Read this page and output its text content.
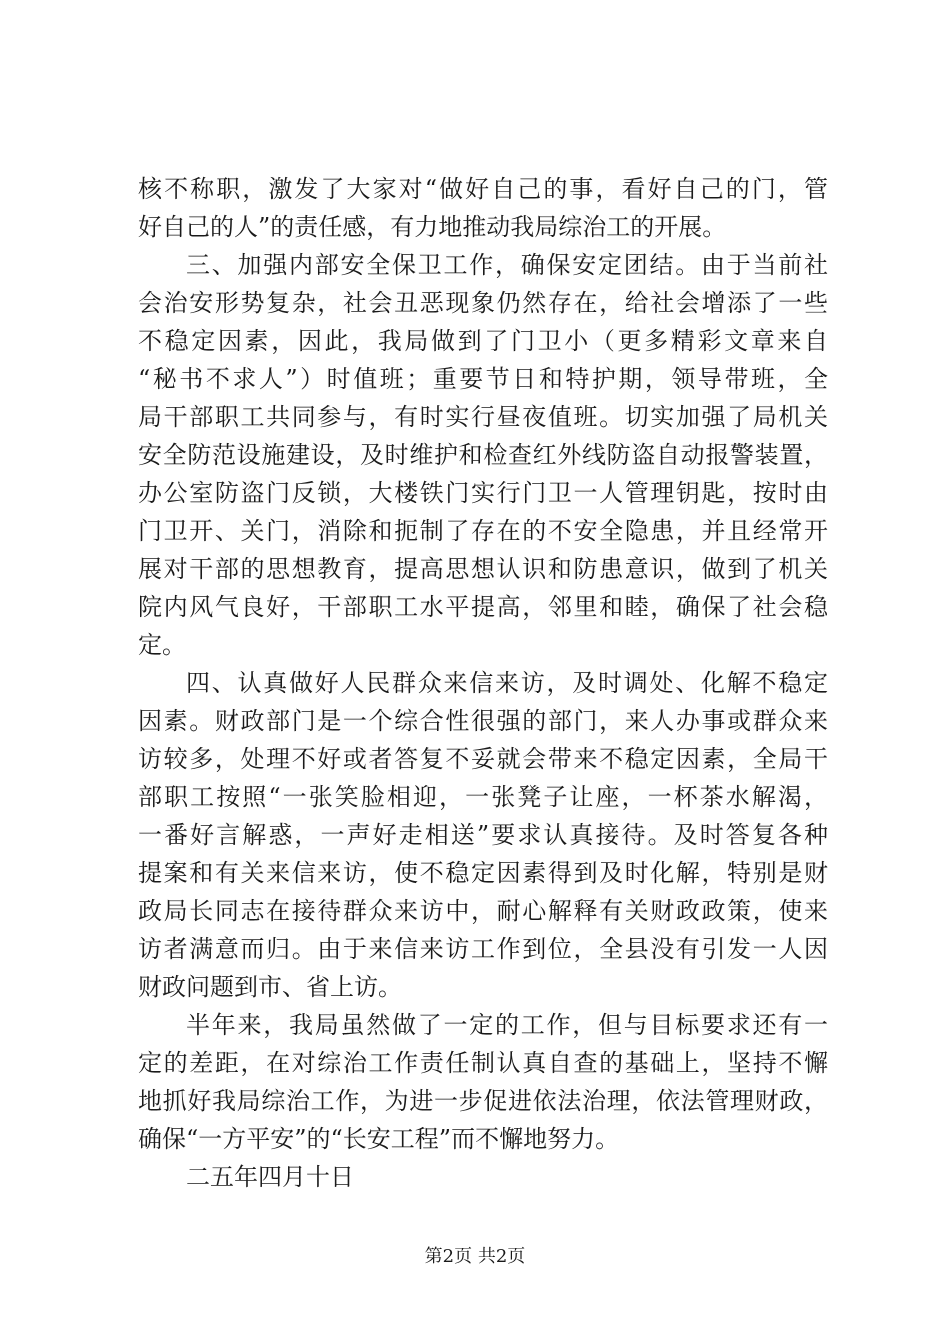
核不称职，激发了大家对“做好自己的事，看好自己的门，管
好自己的人”的责任感，有力地推动我局综治工的开展。
三、加强内部安全保卫工作，确保安定团结。由于当前社
会治安形势复杂，社会丑恶现象仍然存在，给社会增添了一些
不稳定因素，因此，我局做到了门卫小（更多精彩文章来自
“秘书不求人”）时值班；重要节日和特护期，领导带班，全
局干部职工共同参与，有时实行昼夜值班。切实加强了局机关
安全防范设施建设，及时维护和检查红外线防盗自动报警装置，
办公室防盗门反锁，大楼铁门实行门卫一人管理钥匙，按时由
门卫开、关门，消除和扼制了存在的不安全隐患，并且经常开
展对干部的思想教育，提高思想认识和防患意识，做到了机关
院内风气良好，干部职工水平提高，邻里和睦，确保了社会稳
定。
四、认真做好人民群众来信来访，及时调处、化解不稳定
因素。财政部门是一个综合性很强的部门，来人办事或群众来
访较多，处理不好或者答复不妥就会带来不稳定因素，全局干
部职工按照“一张笑脸相迎，一张凳子让座，一杯茶水解渴，
一番好言解惑，一声好走相送”要求认真接待。及时答复各种
提案和有关来信来访，使不稳定因素得到及时化解，特别是财
政局长同志在接待群众来访中，耐心解释有关财政政策，使来
访者满意而归。由于来信来访工作到位，全县没有引发一人因
财政问题到市、省上访。
半年来，我局虽然做了一定的工作，但与目标要求还有一
定的差距，在对综治工作责任制认真自查的基础上，坚持不懈
地抓好我局综治工作，为进一步促进依法治理，依法管理财政，
确保“一方平安”的“长安工程”而不懈地努力。
二五年四月十日
第2页 共2页
